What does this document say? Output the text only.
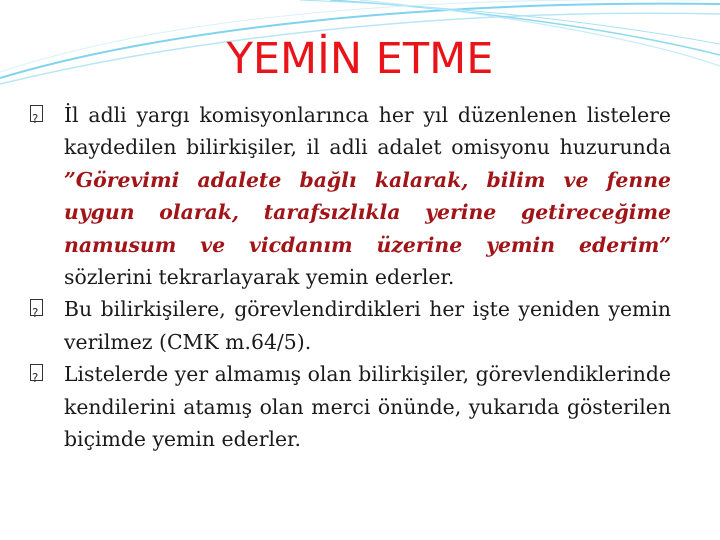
YEMİN ETME

?İl adli yargı komisyonlarınca her yıl düzenlenen listelere kaydedilen bilirkişiler, il adli adalet omisyonu huzurunda ”Görevimi adalete bağlı kalarak, bilim ve fenne uygun olarak, tarafsızlıkla yerine getireceğime namusum ve vicdanım üzerine yemin ederim” sözlerini tekrarlayarak yemin ederler.

?Bu bilirkişilere, görevlendirdikleri her işte yeniden yemin verilmez (CMK m.64/5).

?Listelerde yer almamış olan bilirkişiler, görevlendiklerinde kendilerini atamış olan merci önünde, yukarıda gösterilen biçimde yemin ederler.
